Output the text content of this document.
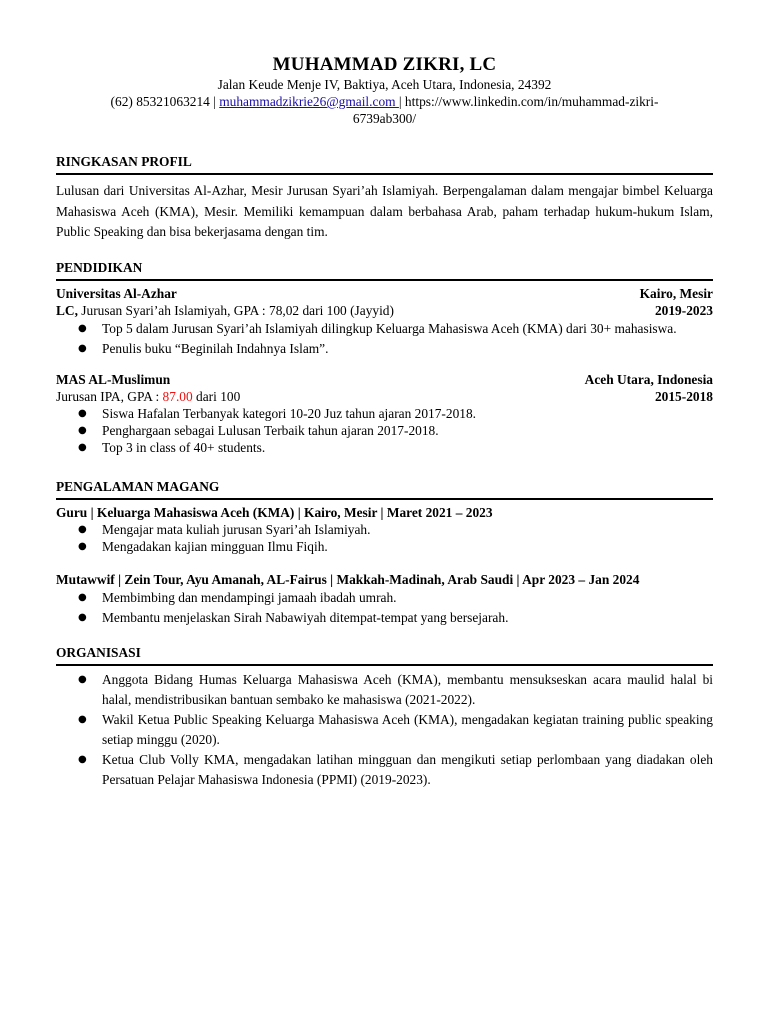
MUHAMMAD ZIKRI, LC
Jalan Keude Menje IV, Baktiya, Aceh Utara, Indonesia, 24392
(62) 85321063214 | muhammadzikrie26@gmail.com | https://www.linkedin.com/in/muhammad-zikri-
6739ab300/
RINGKASAN PROFIL

Lulusan dari Universitas Al-Azhar, Mesir Jurusan Syari’ah Islamiyah. Berpengalaman dalam mengajar bimbel Keluarga Mahasiswa Aceh (KMA), Mesir. Memiliki kemampuan dalam berbahasa Arab, paham terhadap hukum-hukum Islam, Public Speaking dan bisa bekerjasama dengan tim.

PENDIDIKAN
Universitas Al-Azhar	Kairo, Mesir
LC, Jurusan Syari’ah Islamiyah, GPA : 78,02 dari 100 (Jayyid)	2019-2023
● Top 5 dalam Jurusan Syari’ah Islamiyah dilingkup Keluarga Mahasiswa Aceh (KMA) dari 30+ mahasiswa.
● Penulis buku “Beginilah Indahnya Islam”.
MAS AL-Muslimun	Aceh Utara, Indonesia
Jurusan IPA, GPA : 87.00 dari 100	2015-2018
● Siswa Hafalan Terbanyak kategori 10-20 Juz tahun ajaran 2017-2018.
● Penghargaan sebagai Lulusan Terbaik tahun ajaran 2017-2018.
● Top 3 in class of 40+ students.
PENGALAMAN MAGANG
Guru | Keluarga Mahasiswa Aceh (KMA) | Kairo, Mesir | Maret 2021 – 2023
● Mengajar mata kuliah jurusan Syari’ah Islamiyah.
● Mengadakan kajian mingguan Ilmu Fiqih.
Mutawwif | Zein Tour, Ayu Amanah, AL-Fairus | Makkah-Madinah, Arab Saudi | Apr 2023 – Jan 2024
● Membimbing dan mendampingi jamaah ibadah umrah.
● Membantu menjelaskan Sirah Nabawiyah ditempat-tempat yang bersejarah.
ORGANISASI
● Anggota Bidang Humas Keluarga Mahasiswa Aceh (KMA), membantu mensukseskan acara maulid halal bi halal, mendistribusikan bantuan sembako ke mahasiswa (2021-2022).
● Wakil Ketua Public Speaking Keluarga Mahasiswa Aceh (KMA), mengadakan kegiatan training public speaking setiap minggu (2020).
● Ketua Club Volly KMA, mengadakan latihan mingguan dan mengikuti setiap perlombaan yang diadakan oleh Persatuan Pelajar Mahasiswa Indonesia (PPMI) (2019-2023).
